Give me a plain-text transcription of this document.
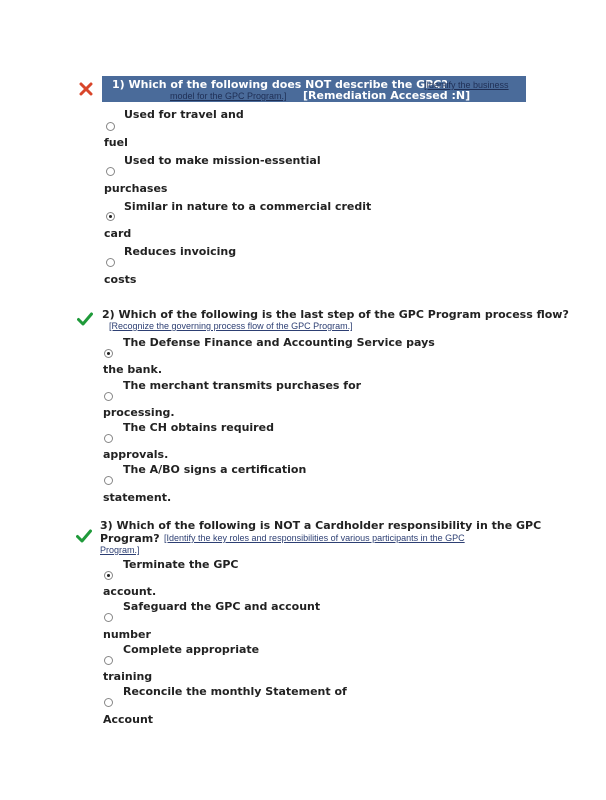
1) Which of the following does NOT describe the GPC?
[Identify the business
model for the GPC Program.] [Remediation Accessed :N]
Used for travel and
fuel
Used to make mission-essential
purchases
Similar in nature to a commercial credit
card
Reduces invoicing
costs
2) Which of the following is the last step of the GPC Program process flow?
[Recognize the governing process flow of the GPC Program.]
The Defense Finance and Accounting Service pays
the bank.
The merchant transmits purchases for
processing.
The CH obtains required
approvals.
The A/BO signs a certification
statement.
3) Which of the following is NOT a Cardholder responsibility in the GPC
Program? [Identify the key roles and responsibilities of various participants in the GPC
Program.]
Terminate the GPC
account.
Safeguard the GPC and account
number
Complete appropriate
training
Reconcile the monthly Statement of
Account
